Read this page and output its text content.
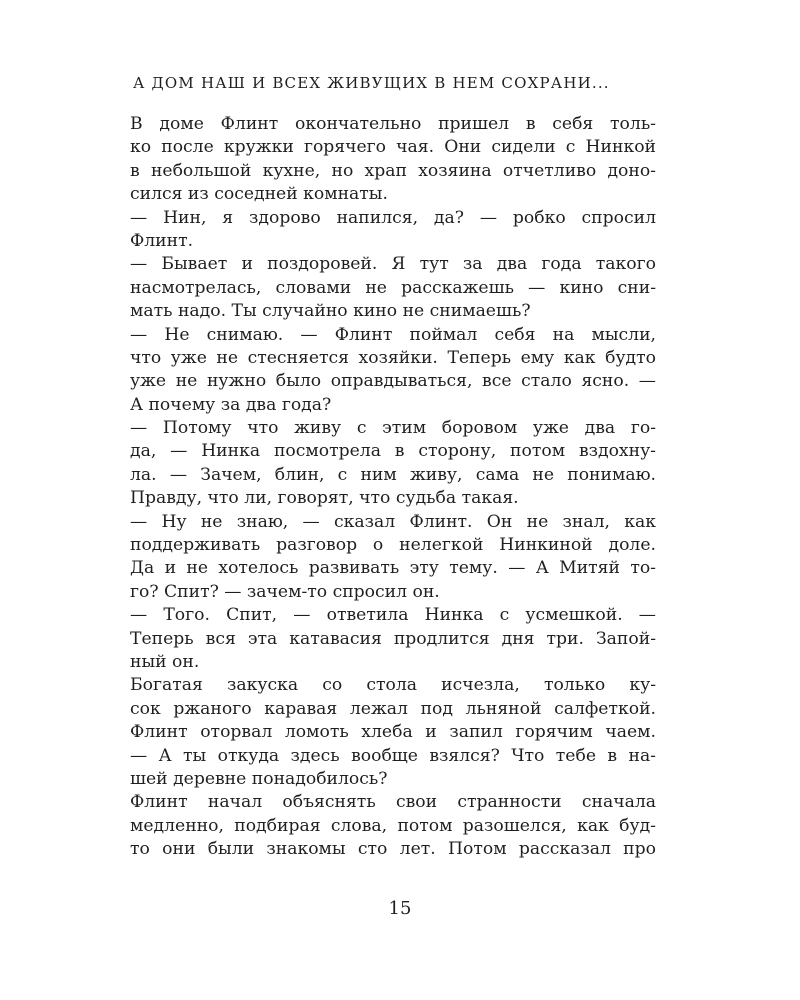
А ДОМ НАШ И ВСЕХ ЖИВУЩИХ В НЕМ СОХРАНИ...
В доме Флинт окончательно пришел в себя толь-
ко после кружки горячего чая. Они сидели с Нинкой
в небольшой кухне, но храп хозяина отчетливо доно-
сился из соседней комнаты.
— Нин, я здорово напился, да? — робко спросил
Флинт.
— Бывает и поздоровей. Я тут за два года такого
насмотрелась, словами не расскажешь — кино сни-
мать надо. Ты случайно кино не снимаешь?
— Не снимаю. — Флинт поймал себя на мысли,
что уже не стесняется хозяйки. Теперь ему как будто
уже не нужно было оправдываться, все стало ясно. —
А почему за два года?
— Потому что живу с этим боровом уже два го-
да, — Нинка посмотрела в сторону, потом вздохну-
ла. — Зачем, блин, с ним живу, сама не понимаю.
Правду, что ли, говорят, что судьба такая.
— Ну не знаю, — сказал Флинт. Он не знал, как
поддерживать разговор о нелегкой Нинкиной доле.
Да и не хотелось развивать эту тему. — А Митяй то-
го? Спит? — зачем-то спросил он.
— Того. Спит, — ответила Нинка с усмешкой. —
Теперь вся эта катавасия продлится дня три. Запой-
ный он.
Богатая закуска со стола исчезла, только ку-
сок ржаного каравая лежал под льняной салфеткой.
Флинт оторвал ломоть хлеба и запил горячим чаем.
— А ты откуда здесь вообще взялся? Что тебе в на-
шей деревне понадобилось?
Флинт начал объяснять свои странности сначала
медленно, подбирая слова, потом разошелся, как буд-
то они были знакомы сто лет. Потом рассказал про
15
